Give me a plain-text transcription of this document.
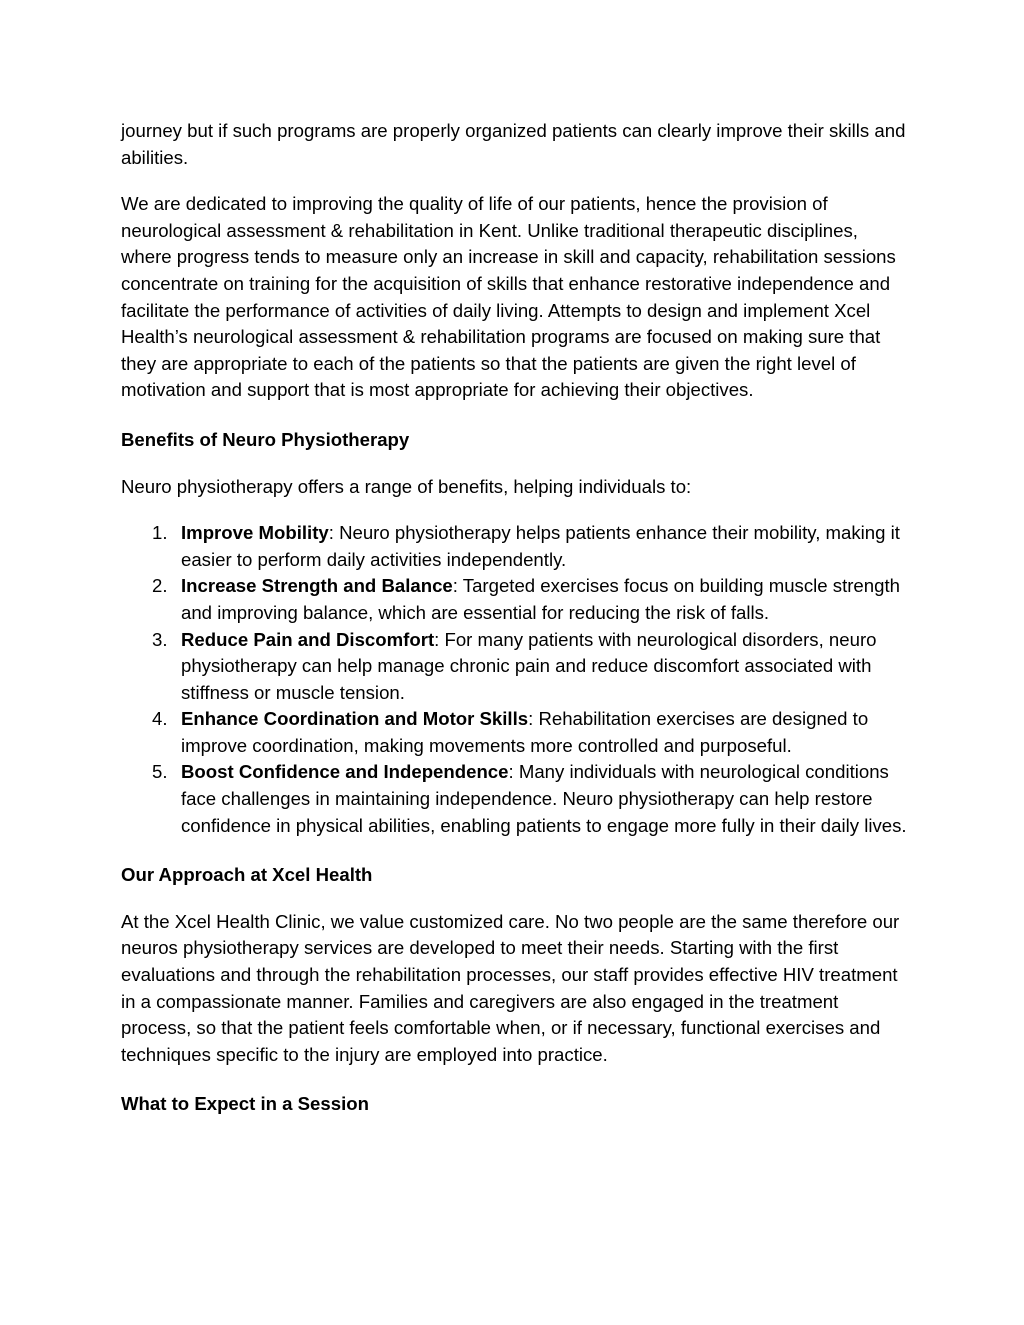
journey but if such programs are properly organized patients can clearly improve their skills and abilities.

We are dedicated to improving the quality of life of our patients, hence the provision of neurological assessment & rehabilitation in Kent. Unlike traditional therapeutic disciplines, where progress tends to measure only an increase in skill and capacity, rehabilitation sessions concentrate on training for the acquisition of skills that enhance restorative independence and facilitate the performance of activities of daily living. Attempts to design and implement Xcel Health’s neurological assessment & rehabilitation programs are focused on making sure that they are appropriate to each of the patients so that the patients are given the right level of motivation and support that is most appropriate for achieving their objectives.

Benefits of Neuro Physiotherapy

Neuro physiotherapy offers a range of benefits, helping individuals to:

1. Improve Mobility: Neuro physiotherapy helps patients enhance their mobility, making it easier to perform daily activities independently.
2. Increase Strength and Balance: Targeted exercises focus on building muscle strength and improving balance, which are essential for reducing the risk of falls.
3. Reduce Pain and Discomfort: For many patients with neurological disorders, neuro physiotherapy can help manage chronic pain and reduce discomfort associated with stiffness or muscle tension.
4. Enhance Coordination and Motor Skills: Rehabilitation exercises are designed to improve coordination, making movements more controlled and purposeful.
5. Boost Confidence and Independence: Many individuals with neurological conditions face challenges in maintaining independence. Neuro physiotherapy can help restore confidence in physical abilities, enabling patients to engage more fully in their daily lives.

Our Approach at Xcel Health

At the Xcel Health Clinic, we value customized care. No two people are the same therefore our neuros physiotherapy services are developed to meet their needs. Starting with the first evaluations and through the rehabilitation processes, our staff provides effective HIV treatment in a compassionate manner. Families and caregivers are also engaged in the treatment process, so that the patient feels comfortable when, or if necessary, functional exercises and techniques specific to the injury are employed into practice.

What to Expect in a Session
